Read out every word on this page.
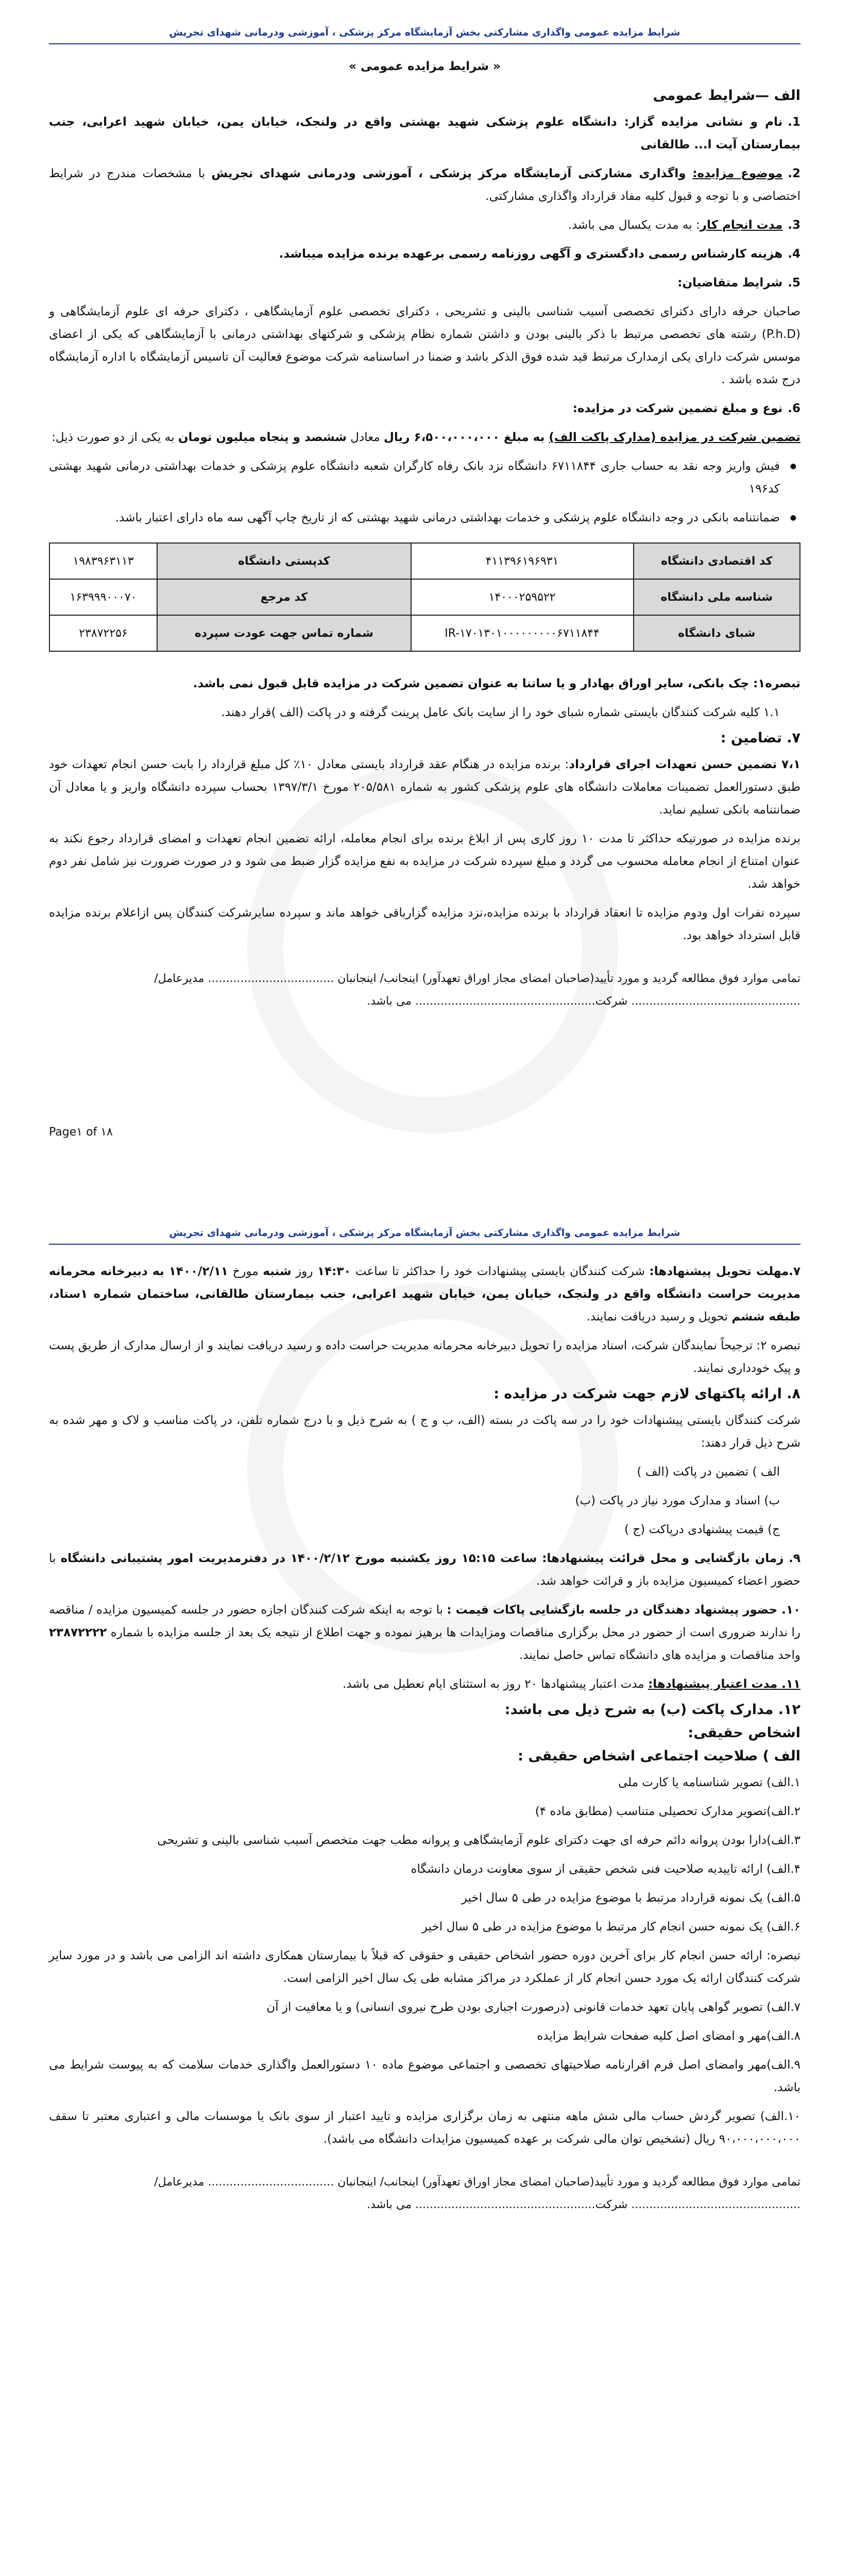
شرایط مزایده عمومی واگذاری مشارکتی بخش آزمایشگاه مرکز پزشکی ، آموزشی ودرمانی شهدای تجریش
« شرایط مزایده عمومی »
الف —شرایط عمومی

1.نام و نشانی مزایده گزار: دانشگاه علوم پزشکی شهید بهشتی واقع در ولنجک، خیابان یمن، خیابان شهید اعرابی، جنب بیمارستان آیت ا... طالقانی

2.موضوع مزایده: واگذاری مشارکتی آزمایشگاه مرکز پزشکی ، آموزشی ودرمانی شهدای تجریش با مشخصات مندرج در شرایط اختصاصی و با توجه و قبول کلیه مفاد قرارداد واگذاری مشارکتی.

3.مدت انجام کار: به مدت یکسال می باشد.

4.هزینه کارشناس رسمی دادگستری و آگهی روزنامه رسمی برعهده برنده مزایده میباشد.

5.شرایط متقاضیان:

صاحبان حرفه دارای دکترای تخصصی آسیب شناسی بالینی و تشریحی ، دکترای تخصصی علوم آزمایشگاهی ، دکترای حرفه ای علوم آزمایشگاهی و (P.h.D) رشته های تخصصی مرتبط با ذکر بالینی بودن و داشتن شماره نظام پزشکی و شرکتهای بهداشتی درمانی با آزمایشگاهی که یکی از اعضای موسس شرکت دارای یکی ازمدارک مرتبط قید شده فوق الذکر باشد و ضمنا در اساسنامه شرکت موضوع فعالیت آن تاسیس آزمایشگاه با اداره آزمایشگاه درج شده باشد .

6.نوع و مبلغ تضمین شرکت در مزایده:

تضمین شرکت در مزایده (مدارک پاکت الف) به مبلغ ۶،۵۰۰،۰۰۰،۰۰۰ ریال معادل ششصد و پنجاه میلیون تومان به یکی از دو صورت ذیل:

● فیش واریز وجه نقد به حساب جاری ۶۷۱۱۸۴۴ دانشگاه نزد بانک رفاه کارگران شعبه دانشگاه علوم پزشکی و خدمات بهداشتی درمانی شهید بهشتی کد۱۹۶

● ضمانتنامه بانکی در وجه دانشگاه علوم پزشکی و خدمات بهداشتی درمانی شهید بهشتی که از تاریخ چاپ آگهی سه ماه دارای اعتبار باشد.

کد اقتصادی دانشگاه	۴۱۱۳۹۶۱۹۶۹۳۱	کدپستی دانشگاه	۱۹۸۳۹۶۳۱۱۳
شناسه ملی دانشگاه	۱۴۰۰۰۲۵۹۵۲۲	کد مرجع	۱۶۳۹۹۹۰۰۰۷۰
شبای دانشگاه	IR-۱۷۰۱۳۰۱۰۰۰۰۰۰۰۰۰۶۷۱۱۸۴۴	شماره تماس جهت عودت سپرده	۲۳۸۷۲۲۵۶

تبصره۱: چک بانکی، سایر اوراق بهادار و یا ساتنا به عنوان تضمین شرکت در مزایده قابل قبول نمی باشد.

۱.۱ کلیه شرکت کنندگان بایستی شماره شبای خود را از سایت بانک عامل پرینت گرفته و در پاکت (الف )قرار دهند.

۷. تضامین :

۷،۱ تضمین حسن تعهدات اجرای قرارداد: برنده مزایده در هنگام عقد قرارداد بایستی معادل ۱۰٪ کل مبلغ قرارداد را بابت حسن انجام تعهدات خود طبق دستورالعمل تضمینات معاملات دانشگاه های علوم پزشکی کشور به شماره ۲۰۵/۵۸۱ مورخ ۱۳۹۷/۳/۱ بحساب سپرده دانشگاه واریز و یا معادل آن ضمانتنامه بانکی تسلیم نماید.

برنده مزایده در صورتیکه حداکثر تا مدت ۱۰ روز کاری پس از ابلاغ برنده برای انجام معامله، ارائه تضمین انجام تعهدات و امضای قرارداد رجوع نکند به عنوان امتناع از انجام معامله محسوب می گردد و مبلغ سپرده شرکت در مزایده به نفع مزایده گزار ضبط می شود و در صورت ضرورت نیز شامل نفر دوم خواهد شد.

سپرده نفرات اول ودوم مزایده تا انعقاد قرارداد با برنده مزایده،نزد مزایده گزارباقی خواهد ماند و سپرده سایرشرکت کنندگان پس ازاعلام برنده مزایده قابل استرداد خواهد بود.

تمامی موارد فوق مطالعه گردید و مورد تأیید(صاحبان امضای مجاز اوراق تعهدآور) اینجانب/ اینجانبان ................................... مدیرعامل/
............................................... شرکت.................................................. می باشد.
Page۱ of ۱۸
شرایط مزایده عمومی واگذاری مشارکتی بخش آزمایشگاه مرکز پزشکی ، آموزشی ودرمانی شهدای تجریش

۷.مهلت تحویل پیشنهادها: شرکت کنندگان بایستی پیشنهادات خود را حداکثر تا ساعت ۱۴:۳۰ روز شنبه مورخ ۱۴۰۰/۲/۱۱ به دبیرخانه محرمانه مدیریت حراست دانشگاه واقع در ولنجک، خیابان یمن، خیابان شهید اعرابی، جنب بیمارستان طالقانی، ساختمان شماره ۱ستاد، طبقه ششم تحویل و رسید دریافت نمایند.

تبصره ۲: ترجیحاً نمایندگان شرکت، اسناد مزایده را تحویل دبیرخانه محرمانه مدیریت حراست داده و رسید دریافت نمایند و از ارسال مدارک از طریق پست و پیک خودداری نمایند.

۸. ارائه پاکتهای لازم جهت شرکت در مزایده :

شرکت کنندگان بایستی پیشنهادات خود را در سه پاکت در بسته (الف، ب و ج ) به شرح ذیل و با درج شماره تلفن، در پاکت مناسب و لاک و مهر شده به شرح ذیل قرار دهند:

الف ) تضمین در پاکت (الف )

ب) اسناد و مدارک مورد نیاز در پاکت (ب)

ج) قیمت پیشنهادی درپاکت (ج )

۹. زمان بازگشایی و محل قرائت پیشنهادها: ساعت ۱۵:۱۵ روز یکشنبه مورخ ۱۴۰۰/۲/۱۲ در دفترمدیریت امور پشتیبانی دانشگاه با حضور اعضاء کمیسیون مزایده باز و قرائت خواهد شد.

۱۰. حضور پیشنهاد دهندگان در جلسه بازگشایی پاکات قیمت : با توجه به اینکه شرکت کنندگان اجازه حضور در جلسه کمیسیون مزایده / مناقصه را ندارند ضروری است از حضور در محل برگزاری مناقصات ومزایدات ها برهیز نموده و جهت اطلاع از نتیجه یک بعد از جلسه مزایده با شماره ۲۳۸۷۲۲۲۲ واحد مناقصات و مزایده های دانشگاه تماس حاصل نمایند.

۱۱. مدت اعتبار پیشنهادها: مدت اعتبار پیشنهادها ۲۰ روز به استثنای ایام تعطیل می باشد.

۱۲. مدارک پاکت (ب) به شرح ذیل می باشد:
اشخاص حقیقی:
الف ) صلاحیت اجتماعی اشخاص حقیقی :

۱.الف) تصویر شناسنامه یا کارت ملی

۲.الف)تصویر مدارک تحصیلی متناسب (مطابق ماده ۴)

۳.الف)دارا بودن پروانه دائم حرفه ای جهت دکترای علوم آزمایشگاهی و پروانه مطب جهت متخصص آسیب شناسی بالینی و تشریحی

۴.الف) ارائه تاییدیه صلاحیت فنی شخص حقیقی از سوی معاونت درمان دانشگاه

۵.الف) یک نمونه قرارداد مرتبط با موضوع مزایده در طی ۵ سال اخیر

۶.الف) یک نمونه حسن انجام کار مرتبط با موضوع مزایده در طی ۵ سال اخیر

تبصره: ارائه حسن انجام کار برای آخرین دوره حضور اشخاص حقیقی و حقوقی که قبلاً با بیمارستان همکاری داشته اند الزامی می باشد و در مورد سایر شرکت کنندگان ارائه یک مورد حسن انجام کار از عملکرد در مراکز مشابه طی یک سال اخیر الزامی است.

۷.الف) تصویر گواهی پایان تعهد خدمات قانونی (درصورت اجباری بودن طرح نیروی انسانی) و یا معافیت از آن

۸.الف)مهر و امضای اصل کلیه صفحات شرایط مزایده

۹.الف)مهر وامضای اصل فرم اقرارنامه صلاحیتهای تخصصی و اجتماعی موضوع ماده ۱۰ دستورالعمل واگذاری خدمات سلامت که به پیوست شرایط می باشد.

۱۰.الف) تصویر گردش حساب مالی شش ماهه منتهی به زمان برگزاری مزایده و تایید اعتبار از سوی بانک یا موسسات مالی و اعتباری معتبر تا سقف ۹۰،۰۰۰،۰۰۰،۰۰۰ ریال (تشخیص توان مالی شرکت بر عهده کمیسیون مزایدات دانشگاه می باشد).

تمامی موارد فوق مطالعه گردید و مورد تأیید(صاحبان امضای مجاز اوراق تعهدآور) اینجانب/ اینجانبان ................................... مدیرعامل/
............................................... شرکت.................................................. می باشد.
